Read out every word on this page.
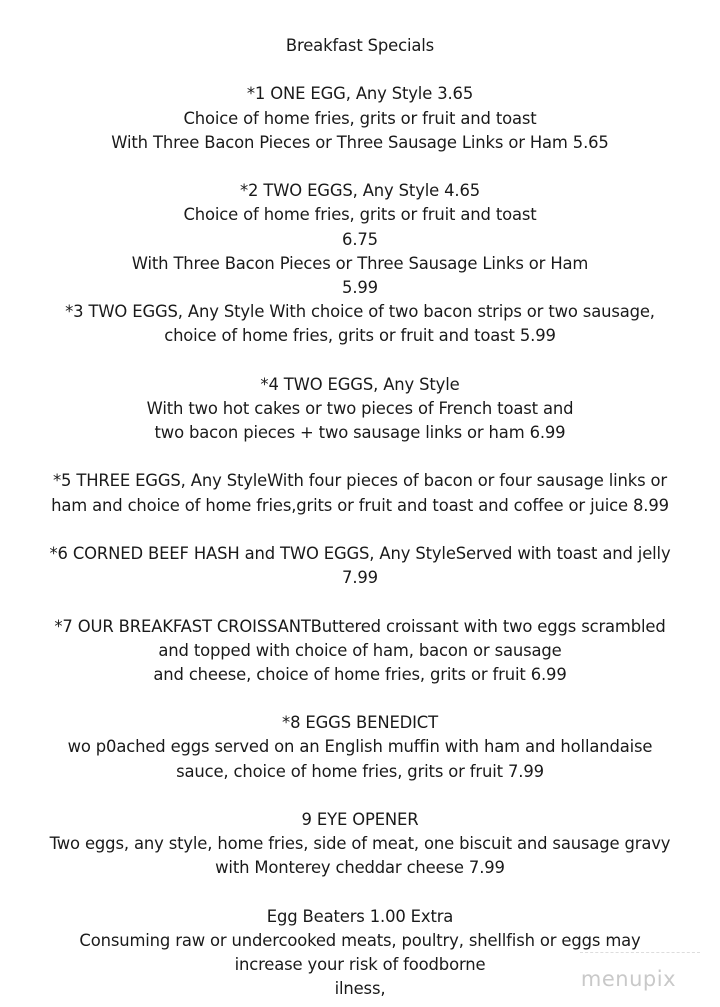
Breakfast Specials
*1 ONE EGG, Any Style 3.65
Choice of home fries, grits or fruit and toast
With Three Bacon Pieces or Three Sausage Links or Ham 5.65
*2 TWO EGGS, Any Style 4.65
Choice of home fries, grits or fruit and toast
6.75
With Three Bacon Pieces or Three Sausage Links or Ham
5.99
*3 TWO EGGS, Any Style With choice of two bacon strips or two sausage,
choice of home fries, grits or fruit and toast 5.99
*4 TWO EGGS, Any Style
With two hot cakes or two pieces of French toast and
two bacon pieces + two sausage links or ham 6.99
*5 THREE EGGS, Any StyleWith four pieces of bacon or four sausage links or
ham and choice of home fries,grits or fruit and toast and coffee or juice 8.99
*6 CORNED BEEF HASH and TWO EGGS, Any StyleServed with toast and jelly
7.99
*7 OUR BREAKFAST CROISSANTButtered croissant with two eggs scrambled
and topped with choice of ham, bacon or sausage
and cheese, choice of home fries, grits or fruit 6.99
*8 EGGS BENEDICT
wo p0ached eggs served on an English muffin with ham and hollandaise
sauce, choice of home fries, grits or fruit 7.99
9 EYE OPENER
Two eggs, any style, home fries, side of meat, one biscuit and sausage gravy
with Monterey cheddar cheese 7.99
Egg Beaters 1.00 Extra
Consuming raw or undercooked meats, poultry, shellfish or eggs may
increase your risk of foodborne
ilness,	menupix
